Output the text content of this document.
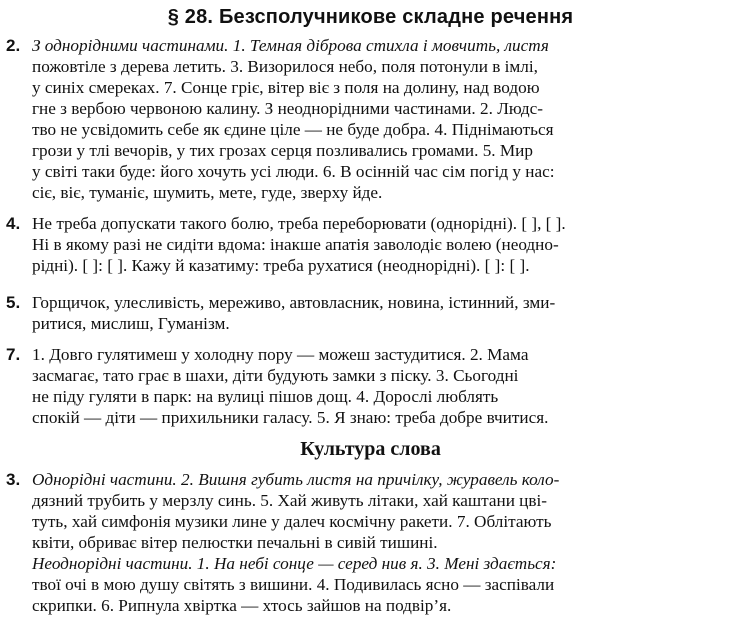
§ 28. Безсполучникове складне речення
2. З однорідними частинами. 1. Темная діброва стихла і мовчить, листя
пожовтіле з дерева летить. 3. Визорилося небо, поля потонули в імлі,
у синіх смереках. 7. Сонце гріє, вітер віє з поля на долину, над водою
гне з вербою червоною калину. З неоднорідними частинами. 2. Людс-
тво не усвідомить себе як єдине ціле — не буде добра. 4. Піднімаються
грози у тлі вечорів, у тих грозах серця позливались громами. 5. Мир
у світі таки буде: його хочуть усі люди. 6. В осінній час сім погід у нас:
сіє, віє, туманіє, шумить, мете, гуде, зверху йде.
4. Не треба допускати такого болю, треба переборювати (однорідні). [ ], [ ].
Ні в якому разі не сидіти вдома: інакше апатія заволодіє волею (неодно-
рідні). [ ]: [ ]. Кажу й казатиму: треба рухатися (неоднорідні). [ ]: [ ].
5. Горщичок, улесливість, мереживо, автовласник, новина, істинний, зми-
ритися, мислиш, Гуманізм.
7. 1. Довго гулятимеш у холодну пору — можеш застудитися. 2. Мама
засмагає, тато грає в шахи, діти будують замки з піску. 3. Сьогодні
не піду гуляти в парк: на вулиці пішов дощ. 4. Дорослі люблять
спокій — діти — прихильники галасу. 5. Я знаю: треба добре вчитися.
Культура слова
3. Однорідні частини. 2. Вишня губить листя на причілку, журавель коло-
дязний трубить у мерзлу синь. 5. Хай живуть літаки, хай каштани цві-
туть, хай симфонія музики лине у далеч космічну ракети. 7. Облітають
квіти, обриває вітер пелюстки печальні в сивій тишині.
Неоднорідні частини. 1. На небі сонце — серед нив я. 3. Мені здається:
твої очі в мою душу світять з вишини. 4. Подивилась ясно — заспівали
скрипки. 6. Рипнула хвіртка — хтось зайшов на подвір’я.
